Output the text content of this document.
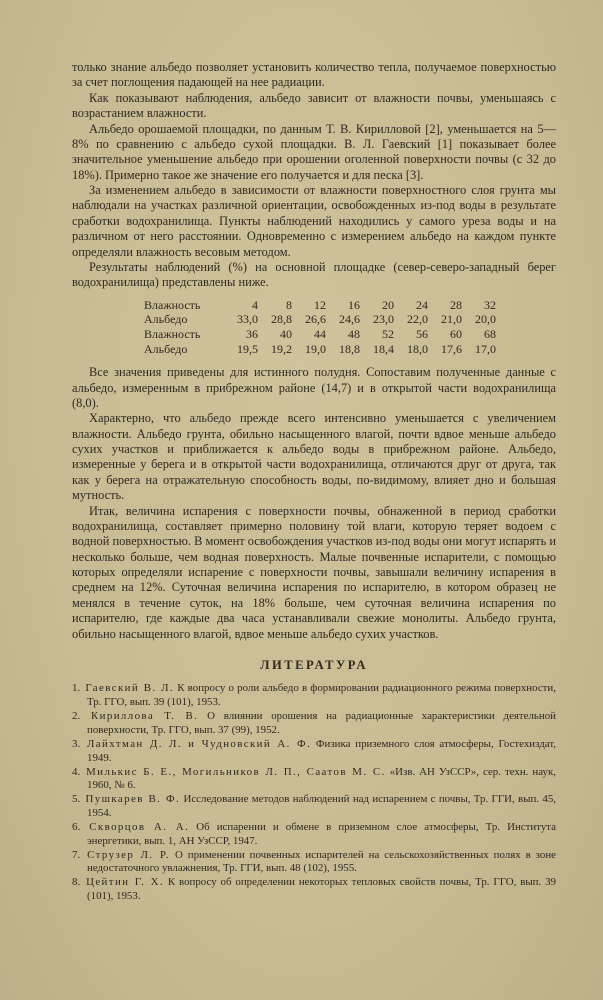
только знание альбедо позволяет установить количество тепла, получаемое поверхностью за счет поглощения падающей на нее радиации.

Как показывают наблюдения, альбедо зависит от влажности почвы, уменьшаясь с возрастанием влажности.

Альбедо орошаемой площадки, по данным Т. В. Кирилловой [2], уменьшается на 5—8% по сравнению с альбедо сухой площадки. В. Л. Гаевский [1] показывает более значительное уменьшение альбедо при орошении оголенной поверхности почвы (с 32 до 18%). Примерно такое же значение его получается и для песка [3].

За изменением альбедо в зависимости от влажности поверхностного слоя грунта мы наблюдали на участках различной ориентации, освобожденных из-под воды в результате сработки водохранилища. Пункты наблюдений находились у самого уреза воды и на различном от него расстоянии. Одновременно с измерением альбедо на каждом пункте определяли влажность весовым методом.

Результаты наблюдений (%) на основной площадке (север-северо-западный берег водохранилища) представлены ниже.

Влажность	4	8	12	16	20	24	28	32
Альбедо	33,0	28,8	26,6	24,6	23,0	22,0	21,0	20,0
Влажность	36	40	44	48	52	56	60	68
Альбедо	19,5	19,2	19,0	18,8	18,4	18,0	17,6	17,0

Все значения приведены для истинного полудня. Сопоставим полученные данные с альбедо, измеренным в прибрежном районе (14,7) и в открытой части водохранилища (8,0).

Характерно, что альбедо прежде всего интенсивно уменьшается с увеличением влажности. Альбедо грунта, обильно насыщенного влагой, почти вдвое меньше альбедо сухих участков и приближается к альбедо воды в прибрежном районе. Альбедо, измеренные у берега и в открытой части водохранилища, отличаются друг от друга, так как у берега на отражательную способность воды, по-видимому, влияет дно и большая мутность.

Итак, величина испарения с поверхности почвы, обнаженной в период сработки водохранилища, составляет примерно половину той влаги, которую теряет водоем с водной поверхностью. В момент освобождения участков из-под воды они могут испарять и несколько больше, чем водная поверхность. Малые почвенные испарители, с помощью которых определяли испарение с поверхности почвы, завышали величину испарения в среднем на 12%. Суточная величина испарения по испарителю, в котором образец не менялся в течение суток, на 18% больше, чем суточная величина испарения по испарителю, где каждые два часа устанавливали свежие монолиты. Альбедо грунта, обильно насыщенного влагой, вдвое меньше альбедо сухих участков.

ЛИТЕРАТУРА
1. Гаевский В. Л. К вопросу о роли альбедо в формировании радиационного режима поверхности, Тр. ГГО, вып. 39 (101), 1953.
2. Кириллова Т. В. О влиянии орошения на радиационные характеристики деятельной поверхности, Тр. ГГО, вып. 37 (99), 1952.
3. Лайхтман Д. Л. и Чудновский А. Ф. Физика приземного слоя атмосферы, Гостехиздат, 1949.
4. Милькис Б. Е., Могильников Л. П., Саатов М. С. «Изв. АН УзССР», сер. техн. наук, 1960, № 6.
5. Пушкарев В. Ф. Исследование методов наблюдений над испарением с почвы, Тр. ГГИ, вып. 45, 1954.
6. Скворцов А. А. Об испарении и обмене в приземном слое атмосферы, Тр. Института энергетики, вып. 1, АН УзССР, 1947.
7. Струзер Л. Р. О применении почвенных испарителей на сельскохозяйственных полях в зоне недостаточного увлажнения, Тр. ГГИ, вып. 48 (102), 1955.
8. Цейтин Г. Х. К вопросу об определении некоторых тепловых свойств почвы, Тр. ГГО, вып. 39 (101), 1953.
